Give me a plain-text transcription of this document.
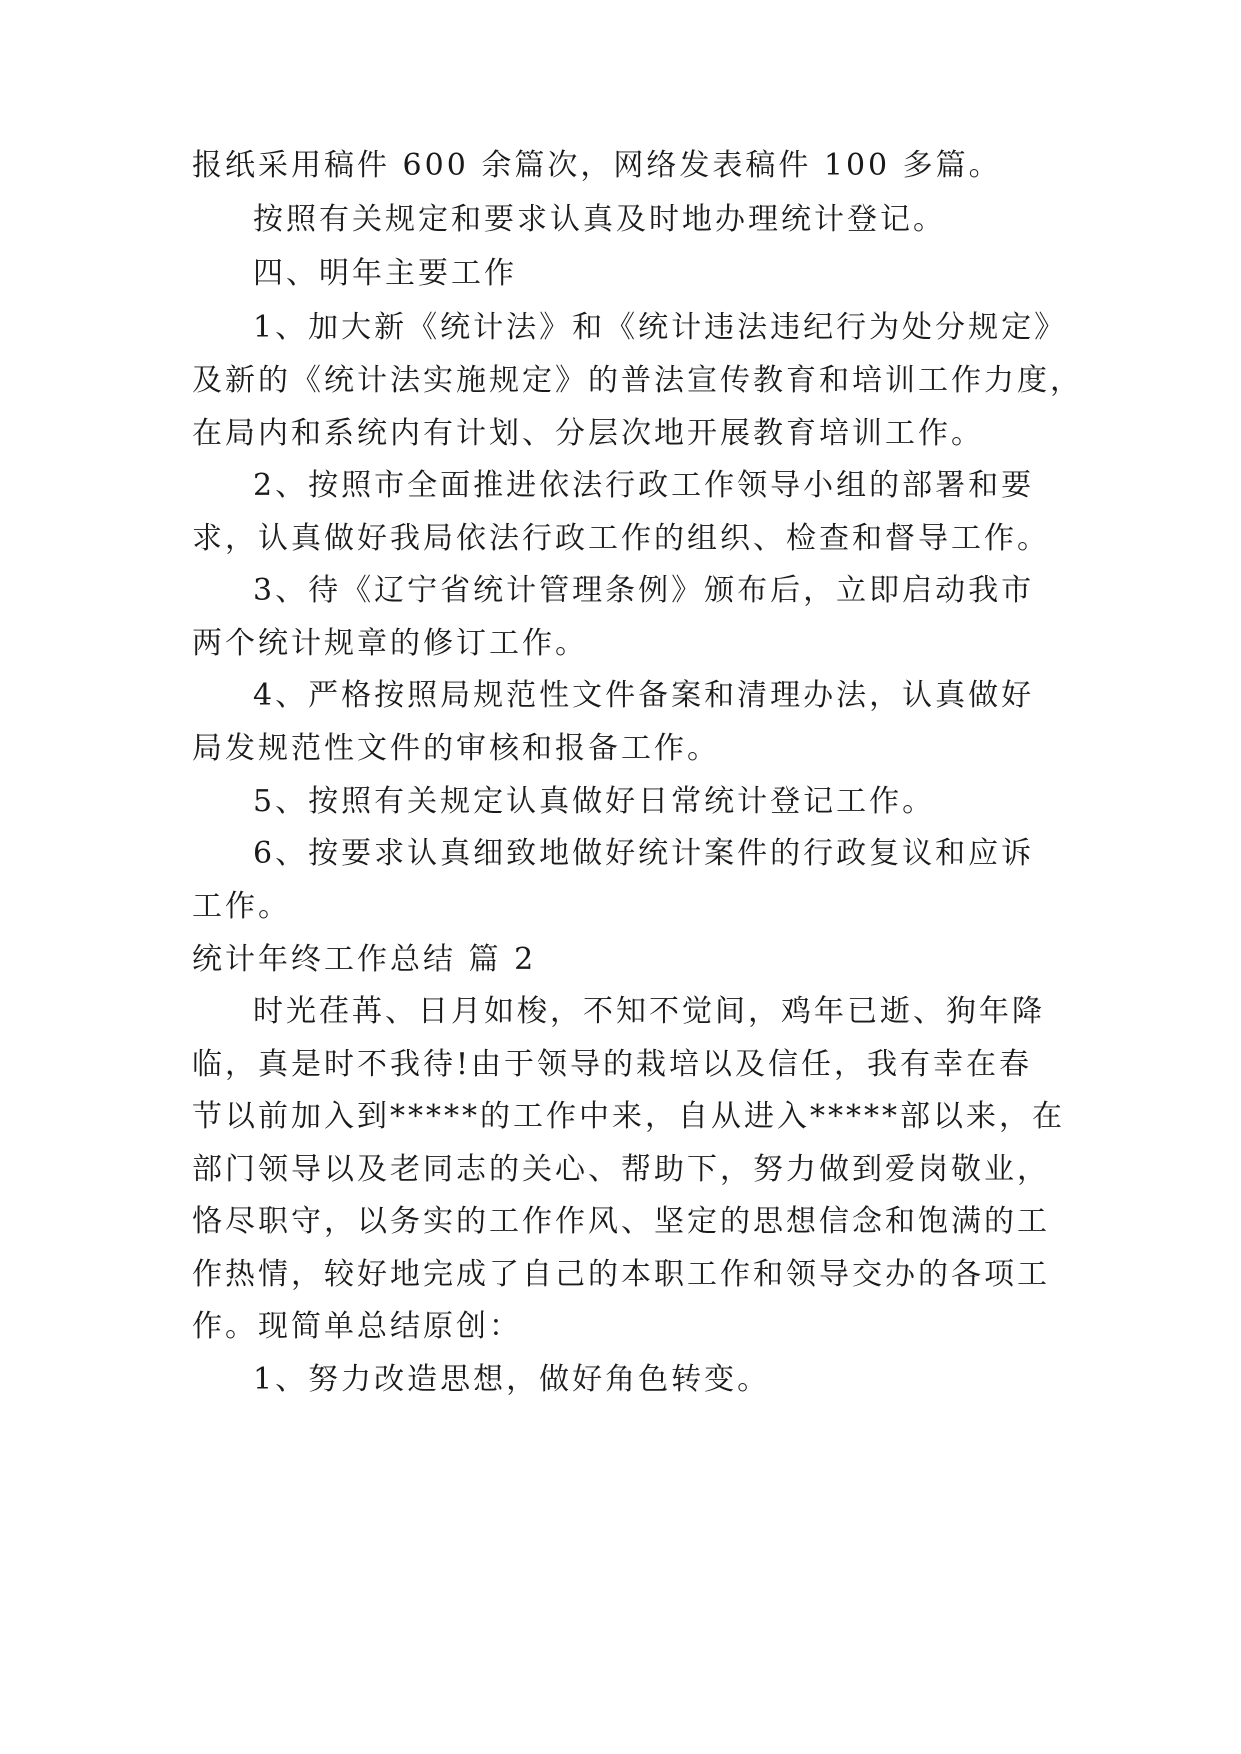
报纸采用稿件 600 余篇次，网络发表稿件 100 多篇。
按照有关规定和要求认真及时地办理统计登记。
四、明年主要工作
1、加大新《统计法》和《统计违法违纪行为处分规定》
及新的《统计法实施规定》的普法宣传教育和培训工作力度，
在局内和系统内有计划、分层次地开展教育培训工作。
2、按照市全面推进依法行政工作领导小组的部署和要
求，认真做好我局依法行政工作的组织、检查和督导工作。
3、待《辽宁省统计管理条例》颁布后，立即启动我市
两个统计规章的修订工作。
4、严格按照局规范性文件备案和清理办法，认真做好
局发规范性文件的审核和报备工作。
5、按照有关规定认真做好日常统计登记工作。
6、按要求认真细致地做好统计案件的行政复议和应诉
工作。
统计年终工作总结 篇 2
时光荏苒、日月如梭，不知不觉间，鸡年已逝、狗年降
临，真是时不我待!由于领导的栽培以及信任，我有幸在春
节以前加入到*****的工作中来，自从进入*****部以来，在
部门领导以及老同志的关心、帮助下，努力做到爱岗敬业，
恪尽职守，以务实的工作作风、坚定的思想信念和饱满的工
作热情，较好地完成了自己的本职工作和领导交办的各项工
作。现简单总结原创：
1、努力改造思想，做好角色转变。
